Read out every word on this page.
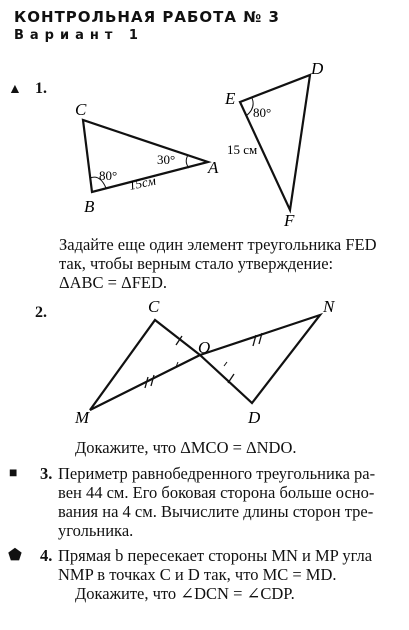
КОНТРОЛЬНАЯ РАБОТА № 3
Вариант 1
▲ 1.
C
B
A
80°
30°
15см
D
E
F
80°
15 см
Задайте еще один элемент треугольника FED
так, чтобы верным стало утверждение:
ΔABC = ΔFED.
2.	C	N
O
M	D
Докажите, что ΔMCO = ΔNDO.
■ 3. Периметр равнобедренного треугольника ра-
вен 44 см. Его боковая сторона больше осно-
вания на 4 см. Вычислите длины сторон тре-
угольника.
⬟ 4. Прямая b пересекает стороны MN и MP угла
NMP в точках C и D так, что MC = MD.
Докажите, что ∠DCN = ∠CDP.
